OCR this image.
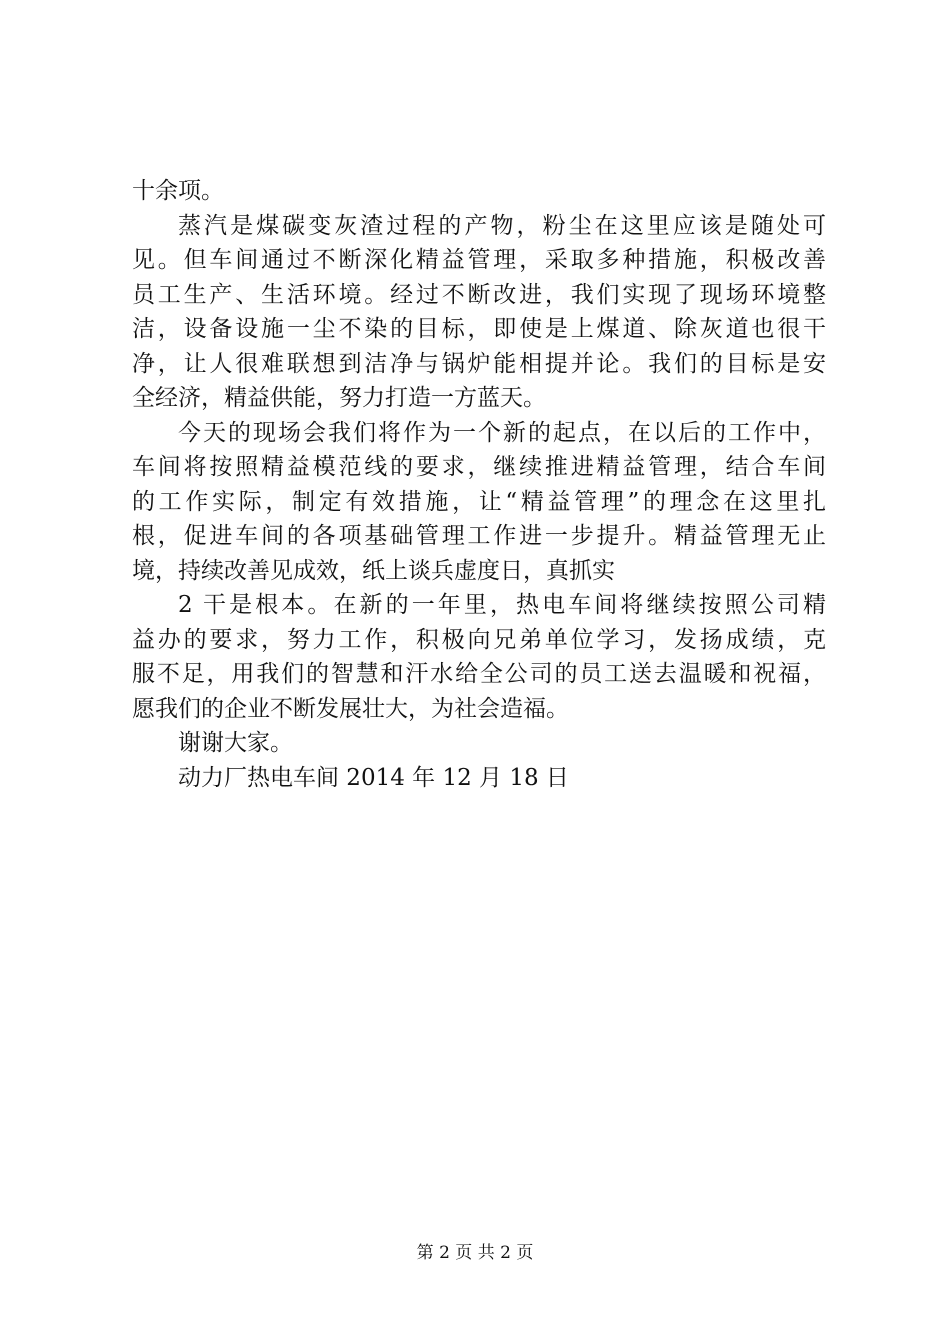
十余项。
蒸汽是煤碳变灰渣过程的产物，粉尘在这里应该是随处可
见。但车间通过不断深化精益管理，采取多种措施，积极改善
员工生产、生活环境。经过不断改进，我们实现了现场环境整
洁，设备设施一尘不染的目标，即使是上煤道、除灰道也很干
净，让人很难联想到洁净与锅炉能相提并论。我们的目标是安
全经济，精益供能，努力打造一方蓝天。
今天的现场会我们将作为一个新的起点，在以后的工作中，
车间将按照精益模范线的要求，继续推进精益管理，结合车间
的工作实际，制定有效措施，让“精益管理”的理念在这里扎
根，促进车间的各项基础管理工作进一步提升。精益管理无止
境，持续改善见成效，纸上谈兵虚度日，真抓实
2 干是根本。在新的一年里，热电车间将继续按照公司精
益办的要求，努力工作，积极向兄弟单位学习，发扬成绩，克
服不足，用我们的智慧和汗水给全公司的员工送去温暖和祝福，
愿我们的企业不断发展壮大，为社会造福。
谢谢大家。
动力厂热电车间 2014 年 12 月 18 日
第 2 页 共 2 页
